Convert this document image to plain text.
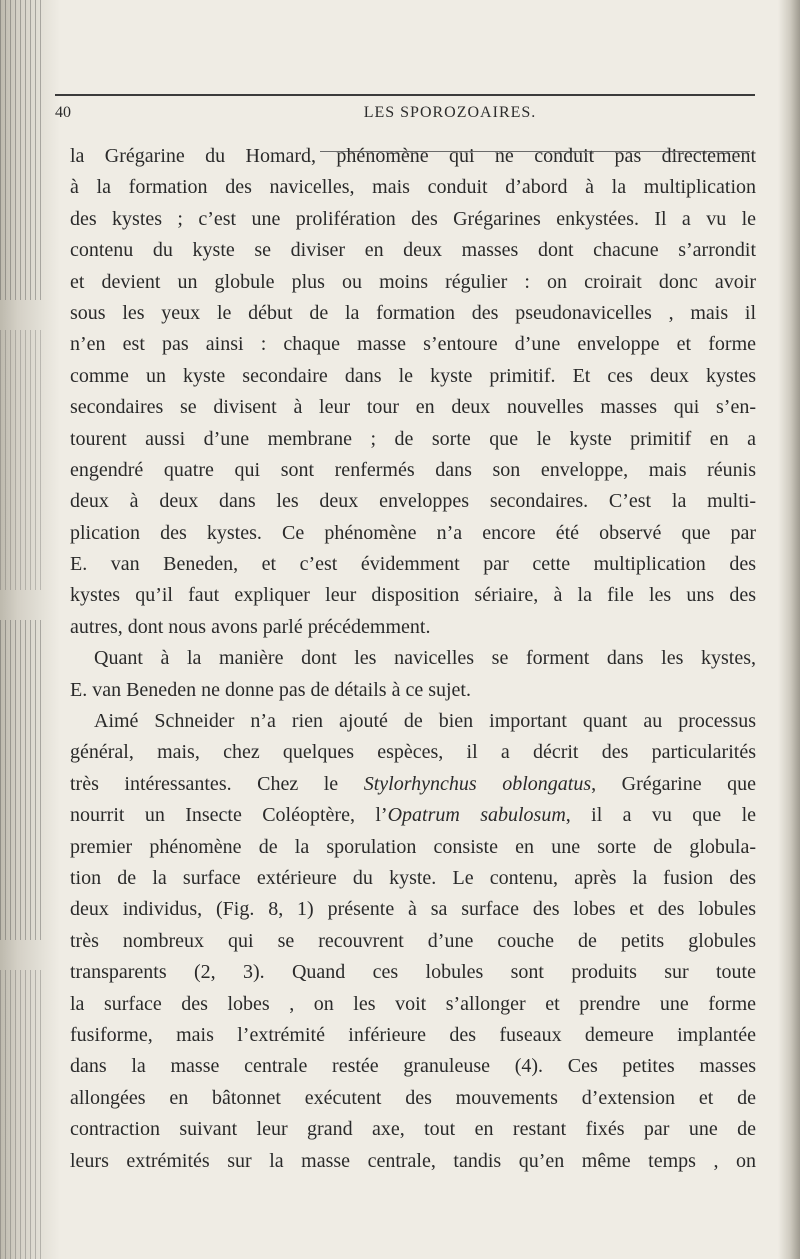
40	LES SPOROZOAIRES.
la Grégarine du Homard, phénomène qui ne conduit pas directement
à la formation des navicelles, mais conduit d’abord à la multiplication
des kystes ; c’est une prolifération des Grégarines enkystées. Il a vu le
contenu du kyste se diviser en deux masses dont chacune s’arrondit
et devient un globule plus ou moins régulier : on croirait donc avoir
sous les yeux le début de la formation des pseudonavicelles , mais il
n’en est pas ainsi : chaque masse s’entoure d’une enveloppe et forme
comme un kyste secondaire dans le kyste primitif. Et ces deux kystes
secondaires se divisent à leur tour en deux nouvelles masses qui s’en-
tourent aussi d’une membrane ; de sorte que le kyste primitif en a
engendré quatre qui sont renfermés dans son enveloppe, mais réunis
deux à deux dans les deux enveloppes secondaires. C’est la multi-
plication des kystes. Ce phénomène n’a encore été observé que par
E. van Beneden, et c’est évidemment par cette multiplication des
kystes qu’il faut expliquer leur disposition sériaire, à la file les uns des
autres, dont nous avons parlé précédemment.
Quant à la manière dont les navicelles se forment dans les kystes,
E. van Beneden ne donne pas de détails à ce sujet.
Aimé Schneider n’a rien ajouté de bien important quant au processus
général, mais, chez quelques espèces, il a décrit des particularités
très intéressantes. Chez le Stylorhynchus oblongatus, Grégarine que
nourrit un Insecte Coléoptère, l’Opatrum sabulosum, il a vu que le
premier phénomène de la sporulation consiste en une sorte de globula-
tion de la surface extérieure du kyste. Le contenu, après la fusion des
deux individus, (Fig. 8, 1) présente à sa surface des lobes et des lobules
très nombreux qui se recouvrent d’une couche de petits globules
transparents (2, 3). Quand ces lobules sont produits sur toute
la surface des lobes , on les voit s’allonger et prendre une forme
fusiforme, mais l’extrémité inférieure des fuseaux demeure implantée
dans la masse centrale restée granuleuse (4). Ces petites masses
allongées en bâtonnet exécutent des mouvements d’extension et de
contraction suivant leur grand axe, tout en restant fixés par une de
leurs extrémités sur la masse centrale, tandis qu’en même temps , on
